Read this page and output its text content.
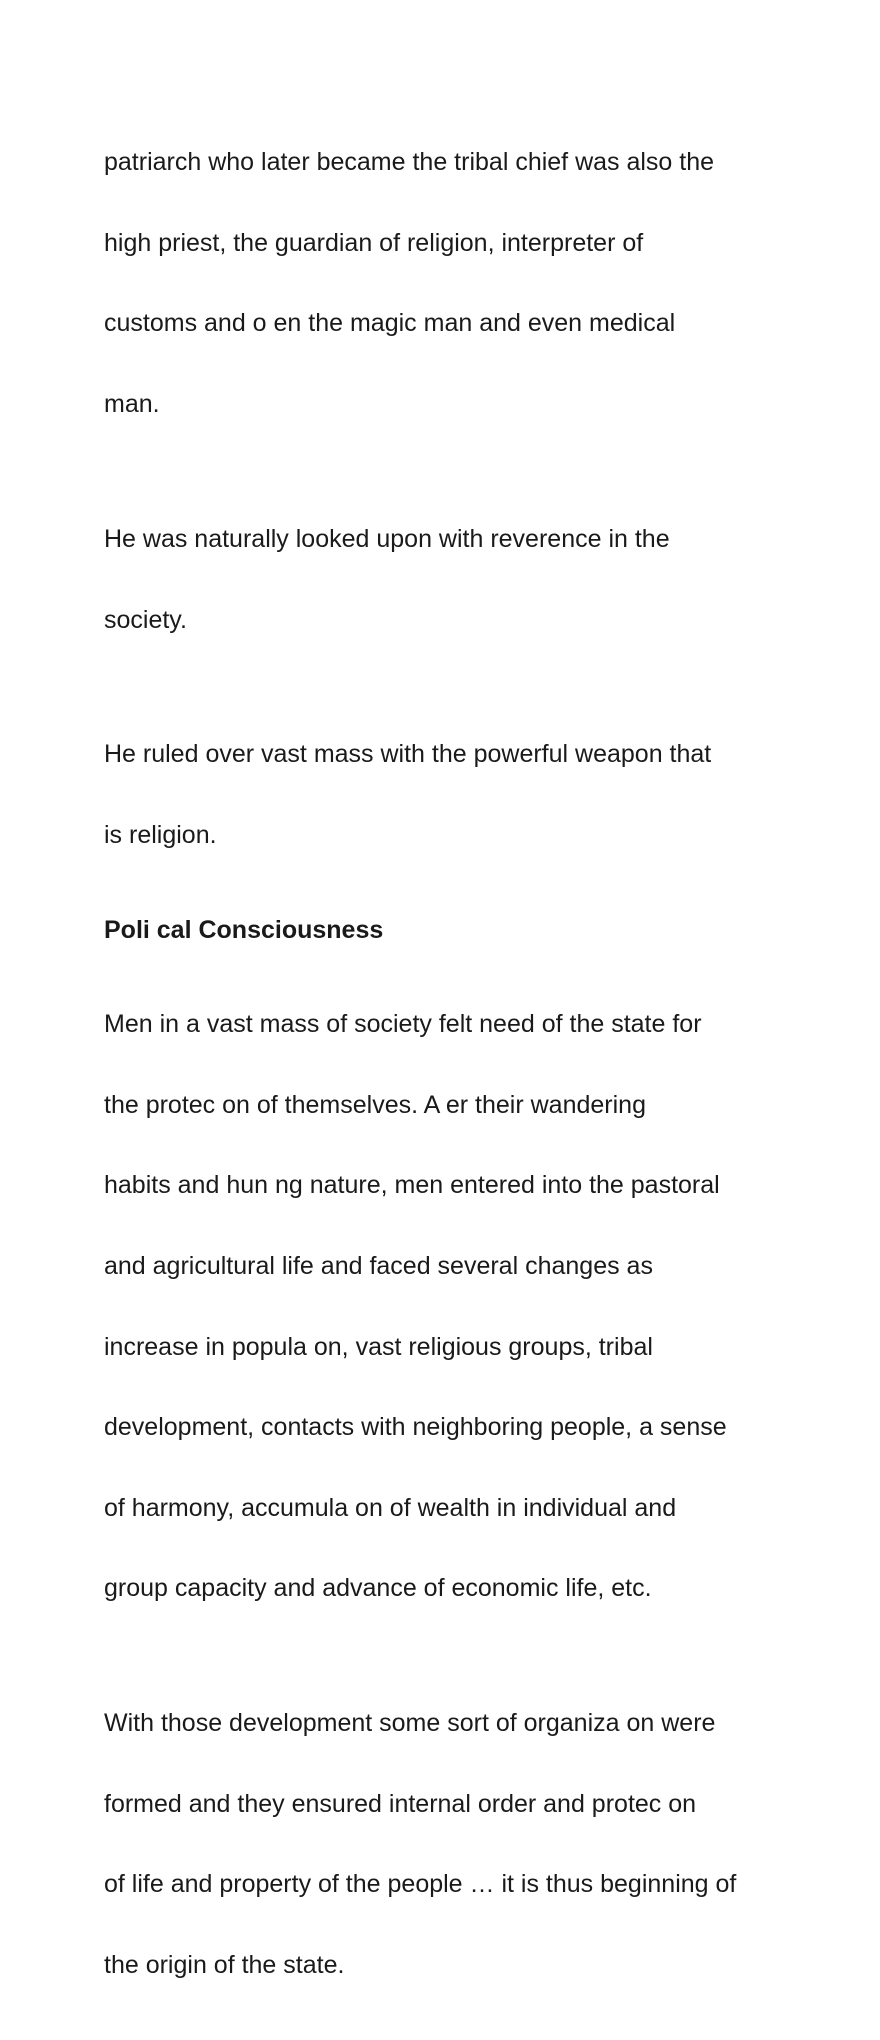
patriarch who later became the tribal chief was also the

high priest, the guardian of religion, interpreter of

customs and o en the magic man and even medical

man.

He was naturally looked upon with reverence in the

society.

He ruled over vast mass with the powerful weapon that

is religion.

Poli cal Consciousness

Men in a vast mass of society felt need of the state for

the protec on of themselves. A er their wandering

habits and hun ng nature, men entered into the pastoral

and agricultural life and faced several changes as

increase in popula on, vast religious groups, tribal

development, contacts with neighboring people, a sense

of harmony, accumula on of wealth in individual and

group capacity and advance of economic life, etc.

With those development some sort of organiza on were

formed and they ensured internal order and protec on

of life and property of the people … it is thus beginning of

the origin of the state.
